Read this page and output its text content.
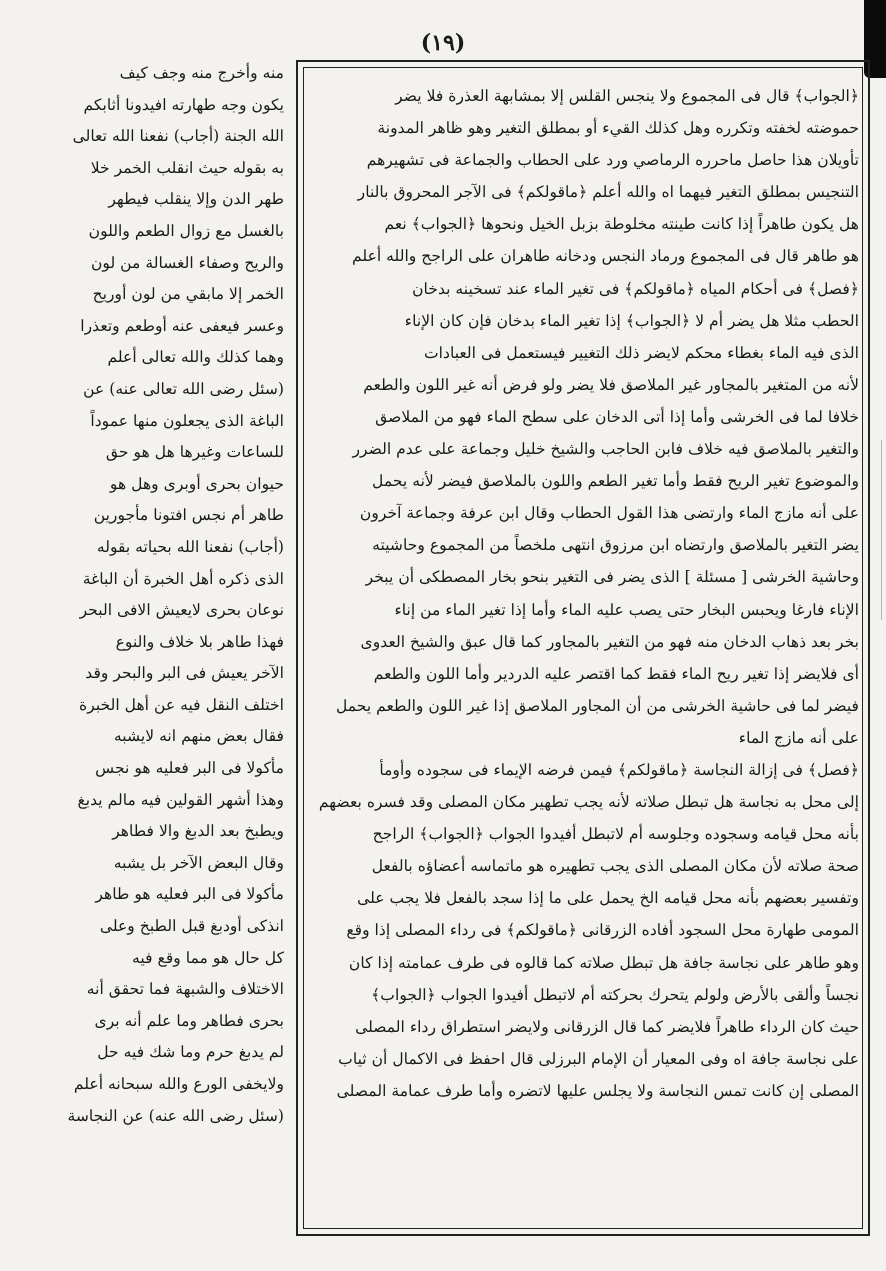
(١٩)
﴿الجواب﴾ قال فى المجموع ولا ينجس القلس إلا بمشابهة العذرة فلا يضر
حموضته لخفته وتكرره وهل كذلك القيء أو بمطلق التغير وهو ظاهر المدونة
تأويلان هذا حاصل ماحرره الرماصي ورد على الحطاب والجماعة فى تشهيرهم
التنجيس بمطلق التغير فيهما اه والله أعلم ﴿ماقولكم﴾ فى الآجر المحروق بالنار
هل يكون طاهراً إذا كانت طينته مخلوطة بزبل الخيل ونحوها ﴿الجواب﴾ نعم
هو طاهر قال فى المجموع ورماد النجس ودخانه طاهران على الراجح والله أعلم
﴿فصل﴾ فى أحكام المياه ﴿ماقولكم﴾ فى تغير الماء عند تسخينه بدخان
الحطب مثلا هل يضر أم لا ﴿الجواب﴾ إذا تغير الماء بدخان فإن كان الإناء
الذى فيه الماء بغطاء محكم لايضر ذلك التغيير فيستعمل فى العبادات
لأنه من المتغير بالمجاور غير الملاصق فلا يضر ولو فرض أنه غير اللون والطعم
خلافا لما فى الخرشى وأما إذا أتى الدخان على سطح الماء فهو من الملاصق
والتغير بالملاصق فيه خلاف فابن الحاجب والشيخ خليل وجماعة على عدم الضرر
والموضوع تغير الريح فقط وأما تغير الطعم واللون بالملاصق فيضر لأنه يحمل
على أنه مازج الماء وارتضى هذا القول الحطاب وقال ابن عرفة وجماعة آخرون
يضر التغير بالملاصق وارتضاه ابن مرزوق انتهى ملخصاً من المجموع وحاشيته
وحاشية الخرشى [ مسئلة ] الذى يضر فى التغير بنحو بخار المصطكى أن يبخر
الإناء فارغا ويحبس البخار حتى يصب عليه الماء وأما إذا تغير الماء من إناء
بخر بعد ذهاب الدخان منه فهو من التغير بالمجاور كما قال عبق والشيخ العدوى
أى فلايضر إذا تغير ريح الماء فقط كما اقتصر عليه الدردير وأما اللون والطعم
فيضر لما فى حاشية الخرشى من أن المجاور الملاصق إذا غير اللون والطعم يحمل
على أنه مازج الماء
﴿فصل﴾ فى إزالة النجاسة ﴿ماقولكم﴾ فيمن فرضه الإيماء فى سجوده وأومأ
إلى محل به نجاسة هل تبطل صلاته لأنه يجب تطهير مكان المصلى وقد فسره بعضهم
بأنه محل قيامه وسجوده وجلوسه أم لاتبطل أفيدوا الجواب ﴿الجواب﴾ الراجح
صحة صلاته لأن مكان المصلى الذى يجب تطهيره هو ماتماسه أعضاؤه بالفعل
وتفسير بعضهم بأنه محل قيامه الخ يحمل على ما إذا سجد بالفعل فلا يجب على
المومى طهارة محل السجود أفاده الزرقانى ﴿ماقولكم﴾ فى رداء المصلى إذا وقع
وهو طاهر على نجاسة جافة هل تبطل صلاته كما قالوه فى طرف عمامته إذا كان
نجساً وألقى بالأرض ولولم يتحرك بحركته أم لاتبطل أفيدوا الجواب ﴿الجواب﴾
حيث كان الرداء طاهراً فلايضر كما قال الزرقانى ولايضر استطراق رداء المصلى
على نجاسة جافة اه وفى المعيار أن الإمام البرزلى قال احفظ فى الاكمال أن ثياب
المصلى إن كانت تمس النجاسة ولا يجلس عليها لاتضره وأما طرف عمامة المصلى
منه وأخرج منه وجف كيف
يكون وجه طهارته افيدونا أثابكم
الله الجنة (أجاب) نفعنا الله تعالى
به بقوله حيث انقلب الخمر خلا
طهر الدن وإلا ينقلب فيطهر
بالغسل مع زوال الطعم واللون
والريح وصفاء الغسالة من لون
الخمر إلا مابقي من لون أوريح
وعسر فيعفى عنه أوطعم وتعذرا
وهما كذلك والله تعالى أعلم
(سئل رضى الله تعالى عنه) عن
الباغة الذى يجعلون منها عموداً
للساعات وغيرها هل هو حق
حيوان بحرى أوبرى وهل هو
طاهر أم نجس افتونا مأجورين
(أجاب) نفعنا الله بحياته بقوله
الذى ذكره أهل الخبرة أن الباغة
نوعان بحرى لايعيش الافى البحر
فهذا طاهر بلا خلاف والنوع
الآخر يعيش فى البر والبحر وقد
اختلف النقل فيه عن أهل الخبرة
فقال بعض منهم انه لايشبه
مأكولا فى البر فعليه هو نجس
وهذا أشهر القولين فيه مالم يدبغ
ويطبخ بعد الدبغ والا فطاهر
وقال البعض الآخر بل يشبه
مأكولا فى البر فعليه هو طاهر
انذكى أودبغ قبل الطبخ وعلى
كل حال هو مما وقع فيه
الاختلاف والشبهة فما تحقق أنه
بحرى فطاهر وما علم أنه برى
لم يدبغ حرم وما شك فيه حل
ولايخفى الورع والله سبحانه أعلم
(سئل رضى الله عنه) عن النجاسة
